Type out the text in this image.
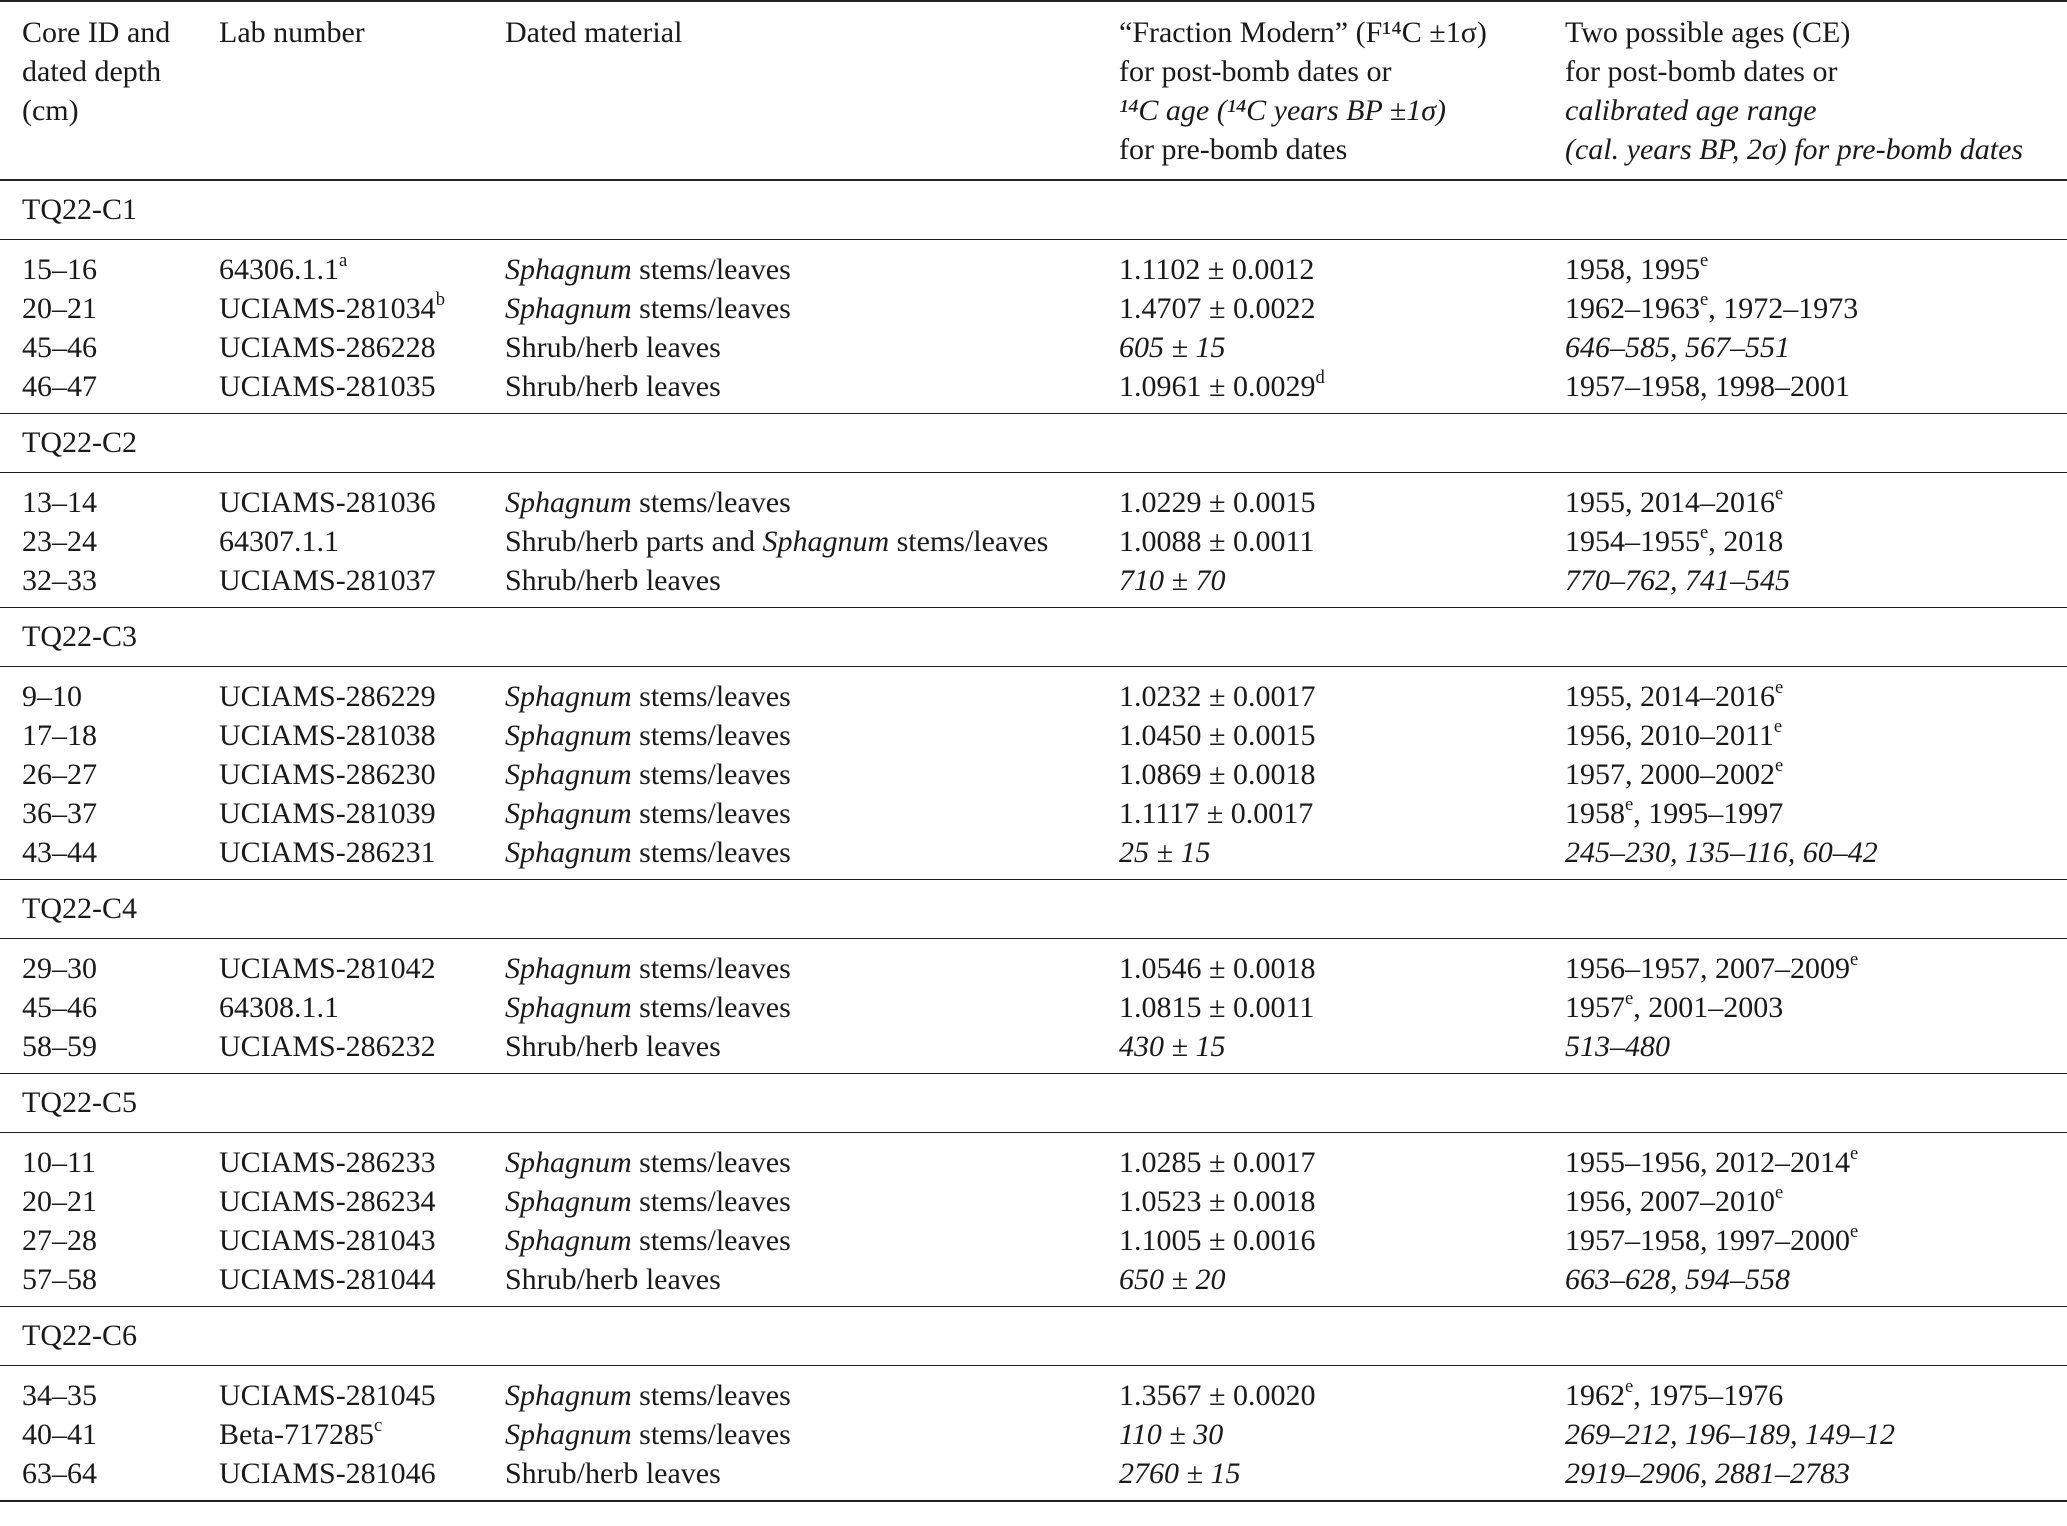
Core ID and
dated depth
(cm)	Lab number	Dated material	“Fraction Modern” (F¹⁴C ±1σ)
for post-bomb dates or
¹⁴C age (¹⁴C years BP ±1σ)
for pre-bomb dates	Two possible ages (CE)
for post-bomb dates or
calibrated age range
(cal. years BP, 2σ) for pre-bomb dates
TQ22-C1				
15–16	64306.1.1$^a$	Sphagnum stems/leaves	1.1102 ± 0.0012	1958, 1995e
20–21	UCIAMS-281034$^b$	Sphagnum stems/leaves	1.4707 ± 0.0022	1962–1963e, 1972–1973
45–46	UCIAMS-286228	Shrub/herb leaves	605 ± 15	646–585, 567–551
46–47	UCIAMS-281035	Shrub/herb leaves	1.0961 ± 0.0029$^d$	1957–1958, 1998–2001
TQ22-C2				
13–14	UCIAMS-281036	Sphagnum stems/leaves	1.0229 ± 0.0015	1955, 2014–2016e
23–24	64307.1.1	Shrub/herb parts and Sphagnum stems/leaves	1.0088 ± 0.0011	1954–1955e, 2018
32–33	UCIAMS-281037	Shrub/herb leaves	710 ± 70	770–762, 741–545
TQ22-C3				
9–10	UCIAMS-286229	Sphagnum stems/leaves	1.0232 ± 0.0017	1955, 2014–2016e
17–18	UCIAMS-281038	Sphagnum stems/leaves	1.0450 ± 0.0015	1956, 2010–2011e
26–27	UCIAMS-286230	Sphagnum stems/leaves	1.0869 ± 0.0018	1957, 2000–2002e
36–37	UCIAMS-281039	Sphagnum stems/leaves	1.1117 ± 0.0017	1958e, 1995–1997
43–44	UCIAMS-286231	Sphagnum stems/leaves	25 ± 15	245–230, 135–116, 60–42
TQ22-C4				
29–30	UCIAMS-281042	Sphagnum stems/leaves	1.0546 ± 0.0018	1956–1957, 2007–2009e
45–46	64308.1.1	Sphagnum stems/leaves	1.0815 ± 0.0011	1957e, 2001–2003
58–59	UCIAMS-286232	Shrub/herb leaves	430 ± 15	513–480
TQ22-C5				
10–11	UCIAMS-286233	Sphagnum stems/leaves	1.0285 ± 0.0017	1955–1956, 2012–2014e
20–21	UCIAMS-286234	Sphagnum stems/leaves	1.0523 ± 0.0018	1956, 2007–2010e
27–28	UCIAMS-281043	Sphagnum stems/leaves	1.1005 ± 0.0016	1957–1958, 1997–2000e
57–58	UCIAMS-281044	Shrub/herb leaves	650 ± 20	663–628, 594–558
TQ22-C6				
34–35	UCIAMS-281045	Sphagnum stems/leaves	1.3567 ± 0.0020	1962e, 1975–1976
40–41	Beta-717285$^c$	Sphagnum stems/leaves	110 ± 30	269–212, 196–189, 149–12
63–64	UCIAMS-281046	Shrub/herb leaves	2760 ± 15	2919–2906, 2881–2783
